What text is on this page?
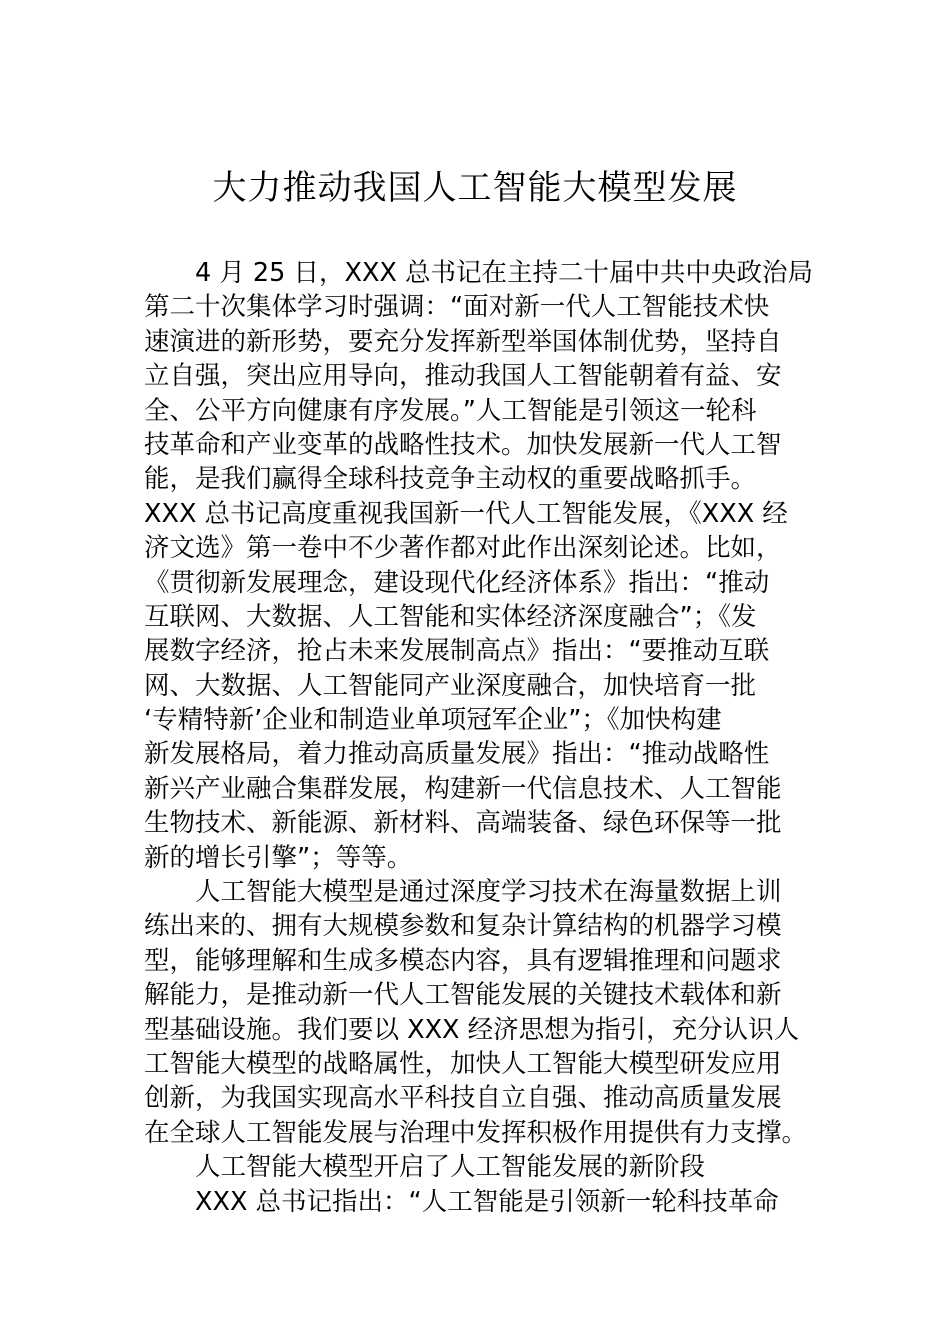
大力推动我国人工智能大模型发展
4 月 25 日，XXX 总书记在主持二十届中共中央政治局
第二十次集体学习时强调：“面对新一代人工智能技术快
速演进的新形势，要充分发挥新型举国体制优势，坚持自
立自强，突出应用导向，推动我国人工智能朝着有益、安
全、公平方向健康有序发展。”人工智能是引领这一轮科
技革命和产业变革的战略性技术。加快发展新一代人工智
能，是我们赢得全球科技竞争主动权的重要战略抓手。
XXX 总书记高度重视我国新一代人工智能发展，《XXX 经
济文选》第一卷中不少著作都对此作出深刻论述。比如，
《贯彻新发展理念，建设现代化经济体系》指出：“推动
互联网、大数据、人工智能和实体经济深度融合”；《发
展数字经济，抢占未来发展制高点》指出：“要推动互联
网、大数据、人工智能同产业深度融合，加快培育一批
‘专精特新’企业和制造业单项冠军企业”；《加快构建
新发展格局，着力推动高质量发展》指出：“推动战略性
新兴产业融合集群发展，构建新一代信息技术、人工智能
生物技术、新能源、新材料、高端装备、绿色环保等一批
新的增长引擎”；等等。
人工智能大模型是通过深度学习技术在海量数据上训
练出来的、拥有大规模参数和复杂计算结构的机器学习模
型，能够理解和生成多模态内容，具有逻辑推理和问题求
解能力，是推动新一代人工智能发展的关键技术载体和新
型基础设施。我们要以 XXX 经济思想为指引，充分认识人
工智能大模型的战略属性，加快人工智能大模型研发应用
创新，为我国实现高水平科技自立自强、推动高质量发展
在全球人工智能发展与治理中发挥积极作用提供有力支撑。
人工智能大模型开启了人工智能发展的新阶段
XXX 总书记指出：“人工智能是引领新一轮科技革命
